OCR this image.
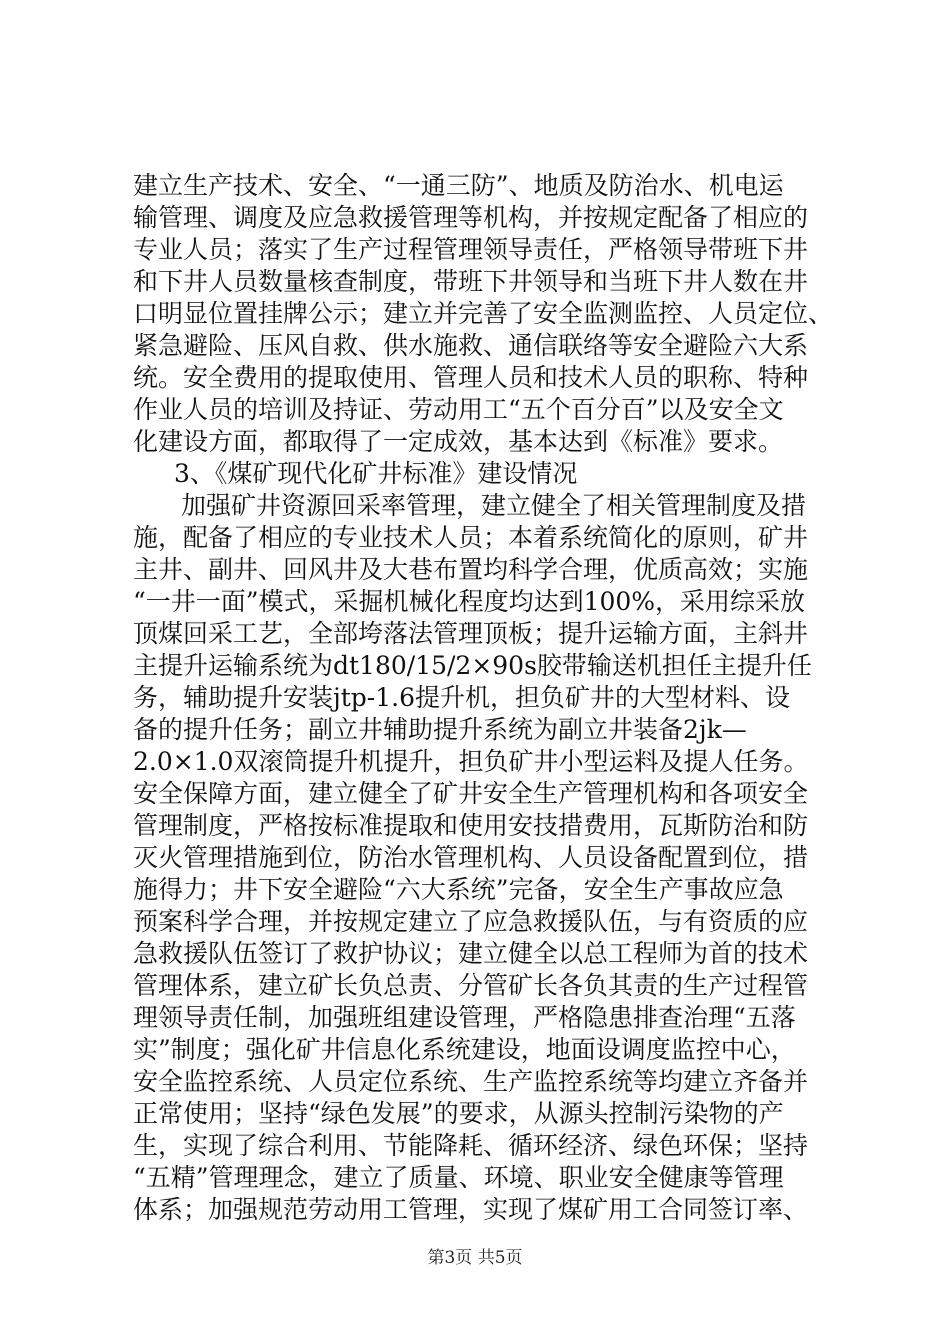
建立生产技术、安全、“一通三防”、地质及防治水、机电运
输管理、调度及应急救援管理等机构，并按规定配备了相应的
专业人员；落实了生产过程管理领导责任，严格领导带班下井
和下井人员数量核查制度，带班下井领导和当班下井人数在井
口明显位置挂牌公示；建立并完善了安全监测监控、人员定位、
紧急避险、压风自救、供水施救、通信联络等安全避险六大系
统。安全费用的提取使用、管理人员和技术人员的职称、特种
作业人员的培训及持证、劳动用工“五个百分百”以及安全文
化建设方面，都取得了一定成效，基本达到《标准》要求。
3、《煤矿现代化矿井标准》建设情况
加强矿井资源回采率管理，建立健全了相关管理制度及措
施，配备了相应的专业技术人员；本着系统简化的原则，矿井
主井、副井、回风井及大巷布置均科学合理，优质高效；实施
“一井一面”模式，采掘机械化程度均达到100%，采用综采放
顶煤回采工艺，全部垮落法管理顶板；提升运输方面，主斜井
主提升运输系统为dt180/15/2×90s胶带输送机担任主提升任
务，辅助提升安装jtp-1.6提升机，担负矿井的大型材料、设
备的提升任务；副立井辅助提升系统为副立井装备2jk—
2.0×1.0双滚筒提升机提升，担负矿井小型运料及提人任务。
安全保障方面，建立健全了矿井安全生产管理机构和各项安全
管理制度，严格按标准提取和使用安技措费用，瓦斯防治和防
灭火管理措施到位，防治水管理机构、人员设备配置到位，措
施得力；井下安全避险“六大系统”完备，安全生产事故应急
预案科学合理，并按规定建立了应急救援队伍，与有资质的应
急救援队伍签订了救护协议；建立健全以总工程师为首的技术
管理体系，建立矿长负总责、分管矿长各负其责的生产过程管
理领导责任制，加强班组建设管理，严格隐患排查治理“五落
实”制度；强化矿井信息化系统建设，地面设调度监控中心，
安全监控系统、人员定位系统、生产监控系统等均建立齐备并
正常使用；坚持“绿色发展”的要求，从源头控制污染物的产
生，实现了综合利用、节能降耗、循环经济、绿色环保；坚持
“五精”管理理念，建立了质量、环境、职业安全健康等管理
体系；加强规范劳动用工管理，实现了煤矿用工合同签订率、
第3页 共5页
